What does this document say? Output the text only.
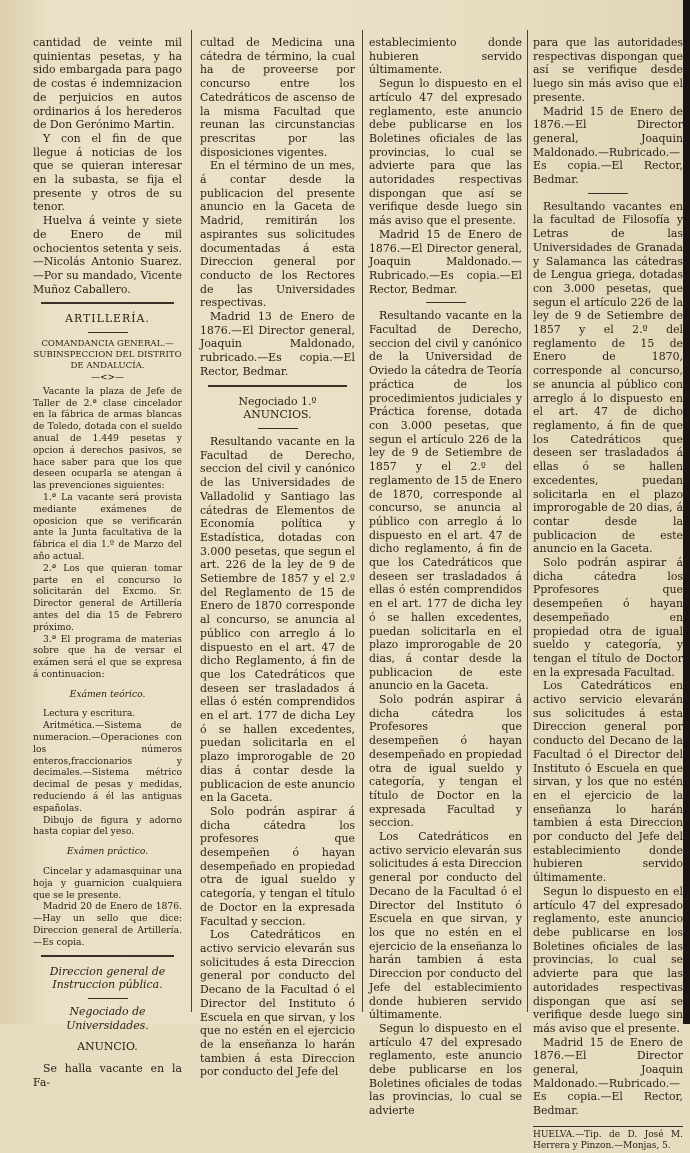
cantidad de veinte mil quinientas pesetas, y ha sido embargada para pago de costas é indemnizacion de perjuicios en autos ordinarios á los herederos de Don Gerónimo Martin.

Y con el fin de que llegue á noticias de los que se quieran interesar en la subasta, se fija el presente y otros de su tenor.

Huelva á veinte y siete de Enero de mil ochocientos setenta y seis.—Nicolás Antonio Suarez.—Por su mandado, Vicente Muñoz Caballero.

ARTILLERÍA.

COMANDANCIA GENERAL.—SUBINSPECCION DEL DISTRITO DE ANDALUCÍA.

—<>—

Vacante la plaza de Jefe de Taller de 2.ª clase cincelador en la fábrica de armas blancas de Toledo, dotada con el sueldo anual de 1.449 pesetas y opcion á derechos pasivos, se hace saber para que los que deseen ocuparla se atengan á las prevenciones siguientes:

1.ª La vacante será provista mediante exámenes de oposicion que se verificarán ante la Junta facultativa de la fábrica el dia 1.º de Marzo del año actual.

2.ª Los que quieran tomar parte en el concurso lo solicitarán del Excmo. Sr. Director general de Artillería antes del dia 15 de Febrero próximo.

3.ª El programa de materias sobre que ha de versar el exámen será el que se expresa á continuacion:

Exámen teórico.

Lectura y escritura.

Aritmética.—Sistema de numeracion.—Operaciones con los números enteros,fraccionarios y decimales.—Sistema métrico decimal de pesas y medidas, reduciendo á él las antiguas españolas.

Dibujo de figura y adorno hasta copiar del yeso.

Exámen práctico.

Cincelar y adamasquinar una hoja y guarnicion cualquiera que se le presente.

Madrid 20 de Enero de 1876.—Hay un sello que dice: Direccion general de Artillería.—Es copia.

Direccion general de Instruccion pública.

Negociado de Universidades.

ANUNCIO.

Se halla vacante en la Fa-

cultad de Medicina una cátedra de término, la cual ha de proveerse por concurso entre los Catedráticos de ascenso de la misma Facultad que reunan las circunstancias prescritas por las disposiciones vigentes.

En el término de un mes, á contar desde la publicacion del presente anuncio en la Gaceta de Madrid, remitirán los aspirantes sus solicitudes documentadas á esta Direccion general por conducto de los Rectores de las Universidades respectivas.

Madrid 13 de Enero de 1876.—El Director general, Joaquin Maldonado, rubricado.—Es copia.—El Rector, Bedmar.

Negociado 1.º

ANUNCIOS.

Resultando vacante en la Facultad de Derecho, seccion del civil y canónico de las Universidades de Valladolid y Santiago las cátedras de Elementos de Economía política y Estadística, dotadas con 3.000 pesetas, que segun el art. 226 de la ley de 9 de Setiembre de 1857 y el 2.º del Reglamento de 15 de Enero de 1870 corresponde al concurso, se anuncia al público con arreglo á lo dispuesto en el art. 47 de dicho Reglamento, á fin de que los Catedráticos que deseen ser trasladados á ellas ó estén comprendidos en el art. 177 de dicha Ley ó se hallen excedentes, puedan solicitarla en el plazo improrogable de 20 dias á contar desde la publicacion de este anuncio en la Gaceta.

Solo podrán aspirar á dicha cátedra los profesores que desempeñen ó hayan desempeñado en propiedad otra de igual sueldo y categoría, y tengan el título de Doctor en la expresada Facultad y seccion.

Los Catedráticos en activo servicio elevarán sus solicitudes á esta Direccion general por conducto del Decano de la Facultad ó el Director del Instituto ó Escuela en que sirvan, y los que no estén en el ejercicio de la enseñanza lo harán tambien á esta Direccion por conducto del Jefe del

establecimiento donde hubieren servido últimamente.

Segun lo dispuesto en el artículo 47 del expresado reglamento, este anuncio debe publicarse en los Boletines oficiales de las provincias, lo cual se advierte para que las autoridades respectivas dispongan que así se verifique desde luego sin más aviso que el presente.

Madrid 15 de Enero de 1876.—El Director general, Joaquin Maldonado.—Rubricado.—Es copia.—El Rector, Bedmar.

Resultando vacante en la Facultad de Derecho, seccion del civil y canónico de la Universidad de Oviedo la cátedra de Teoría práctica de los procedimientos judiciales y Práctica forense, dotada con 3.000 pesetas, que segun el artículo 226 de la ley de 9 de Setiembre de 1857 y el 2.º del reglamento de 15 de Enero de 1870, corresponde al concurso, se anuncia al público con arreglo á lo dispuesto en el art. 47 de dicho reglamento, á fin de que los Catedráticos que deseen ser trasladados á ellas ó estén comprendidos en el art. 177 de dicha ley ó se hallen excedentes, puedan solicitarla en el plazo improrogable de 20 dias, á contar desde la publicacion de este anuncio en la Gaceta.

Solo podrán aspirar á dicha cátedra los Profesores que desempeñen ó hayan desempeñado en propiedad otra de igual sueldo y categoría, y tengan el título de Doctor en la expresada Facultad y seccion.

Los Catedráticos en activo servicio elevarán sus solicitudes á esta Direccion general por conducto del Decano de la Facultad ó el Director del Instituto ó Escuela en que sirvan, y los que no estén en el ejercicio de la enseñanza lo harán tambien á esta Direccion por conducto del Jefe del establecimiento donde hubieren servido últimamente.

Segun lo dispuesto en el artículo 47 del expresado reglamento, este anuncio debe publicarse en los Boletines oficiales de todas las provincias, lo cual se advierte

para que las autoridades respectivas dispongan que así se verifique desde luego sin más aviso que el presente.

Madrid 15 de Enero de 1876.—El Director general, Joaquin Maldonado.—Rubricado.—Es copia.—El Rector, Bedmar.

Resultando vacantes en la facultad de Filosofía y Letras de las Universidades de Granada y Salamanca las cátedras de Lengua griega, dotadas con 3.000 pesetas, que segun el artículo 226 de la ley de 9 de Setiembre de 1857 y el 2.º del reglamento de 15 de Enero de 1870, corresponde al concurso, se anuncia al público con arreglo á lo dispuesto en el art. 47 de dicho reglamento, á fin de que los Catedráticos que deseen ser trasladados á ellas ó se hallen excedentes, puedan solicitarla en el plazo improrogable de 20 dias, á contar desde la publicacion de este anuncio en la Gaceta.

Solo podrán aspirar á dicha cátedra los Pprofesores que desempeñen ó hayan desempeñado en propiedad otra de igual sueldo y categoría, y tengan el título de Doctor en la expresada Facultad.

Los Catedráticos en activo servicio elevarán sus solicitudes á esta Direccion general por conducto del Decano de la Facultad ó el Director del Instituto ó Escuela en que sirvan, y los que no estén en el ejercicio de la enseñanza lo harán tambien á esta Direccion por conducto del Jefe del establecimiento donde hubieren servido últimamente.

Segun lo dispuesto en el artículo 47 del expresado reglamento, este anuncio debe publicarse en los Boletines oficiales de las provincias, lo cual se advierte para que las autoridades respectivas dispongan que así se verifique desde luego sin más aviso que el presente.

Madrid 15 de Enero de 1876.—El Director general, Joaquin Maldonado.—Rubricado.—Es copia.—El Rector, Bedmar.

HUELVA.—Tip. de D. José M. Herrera y Pinzon.—Monjas, 5.
